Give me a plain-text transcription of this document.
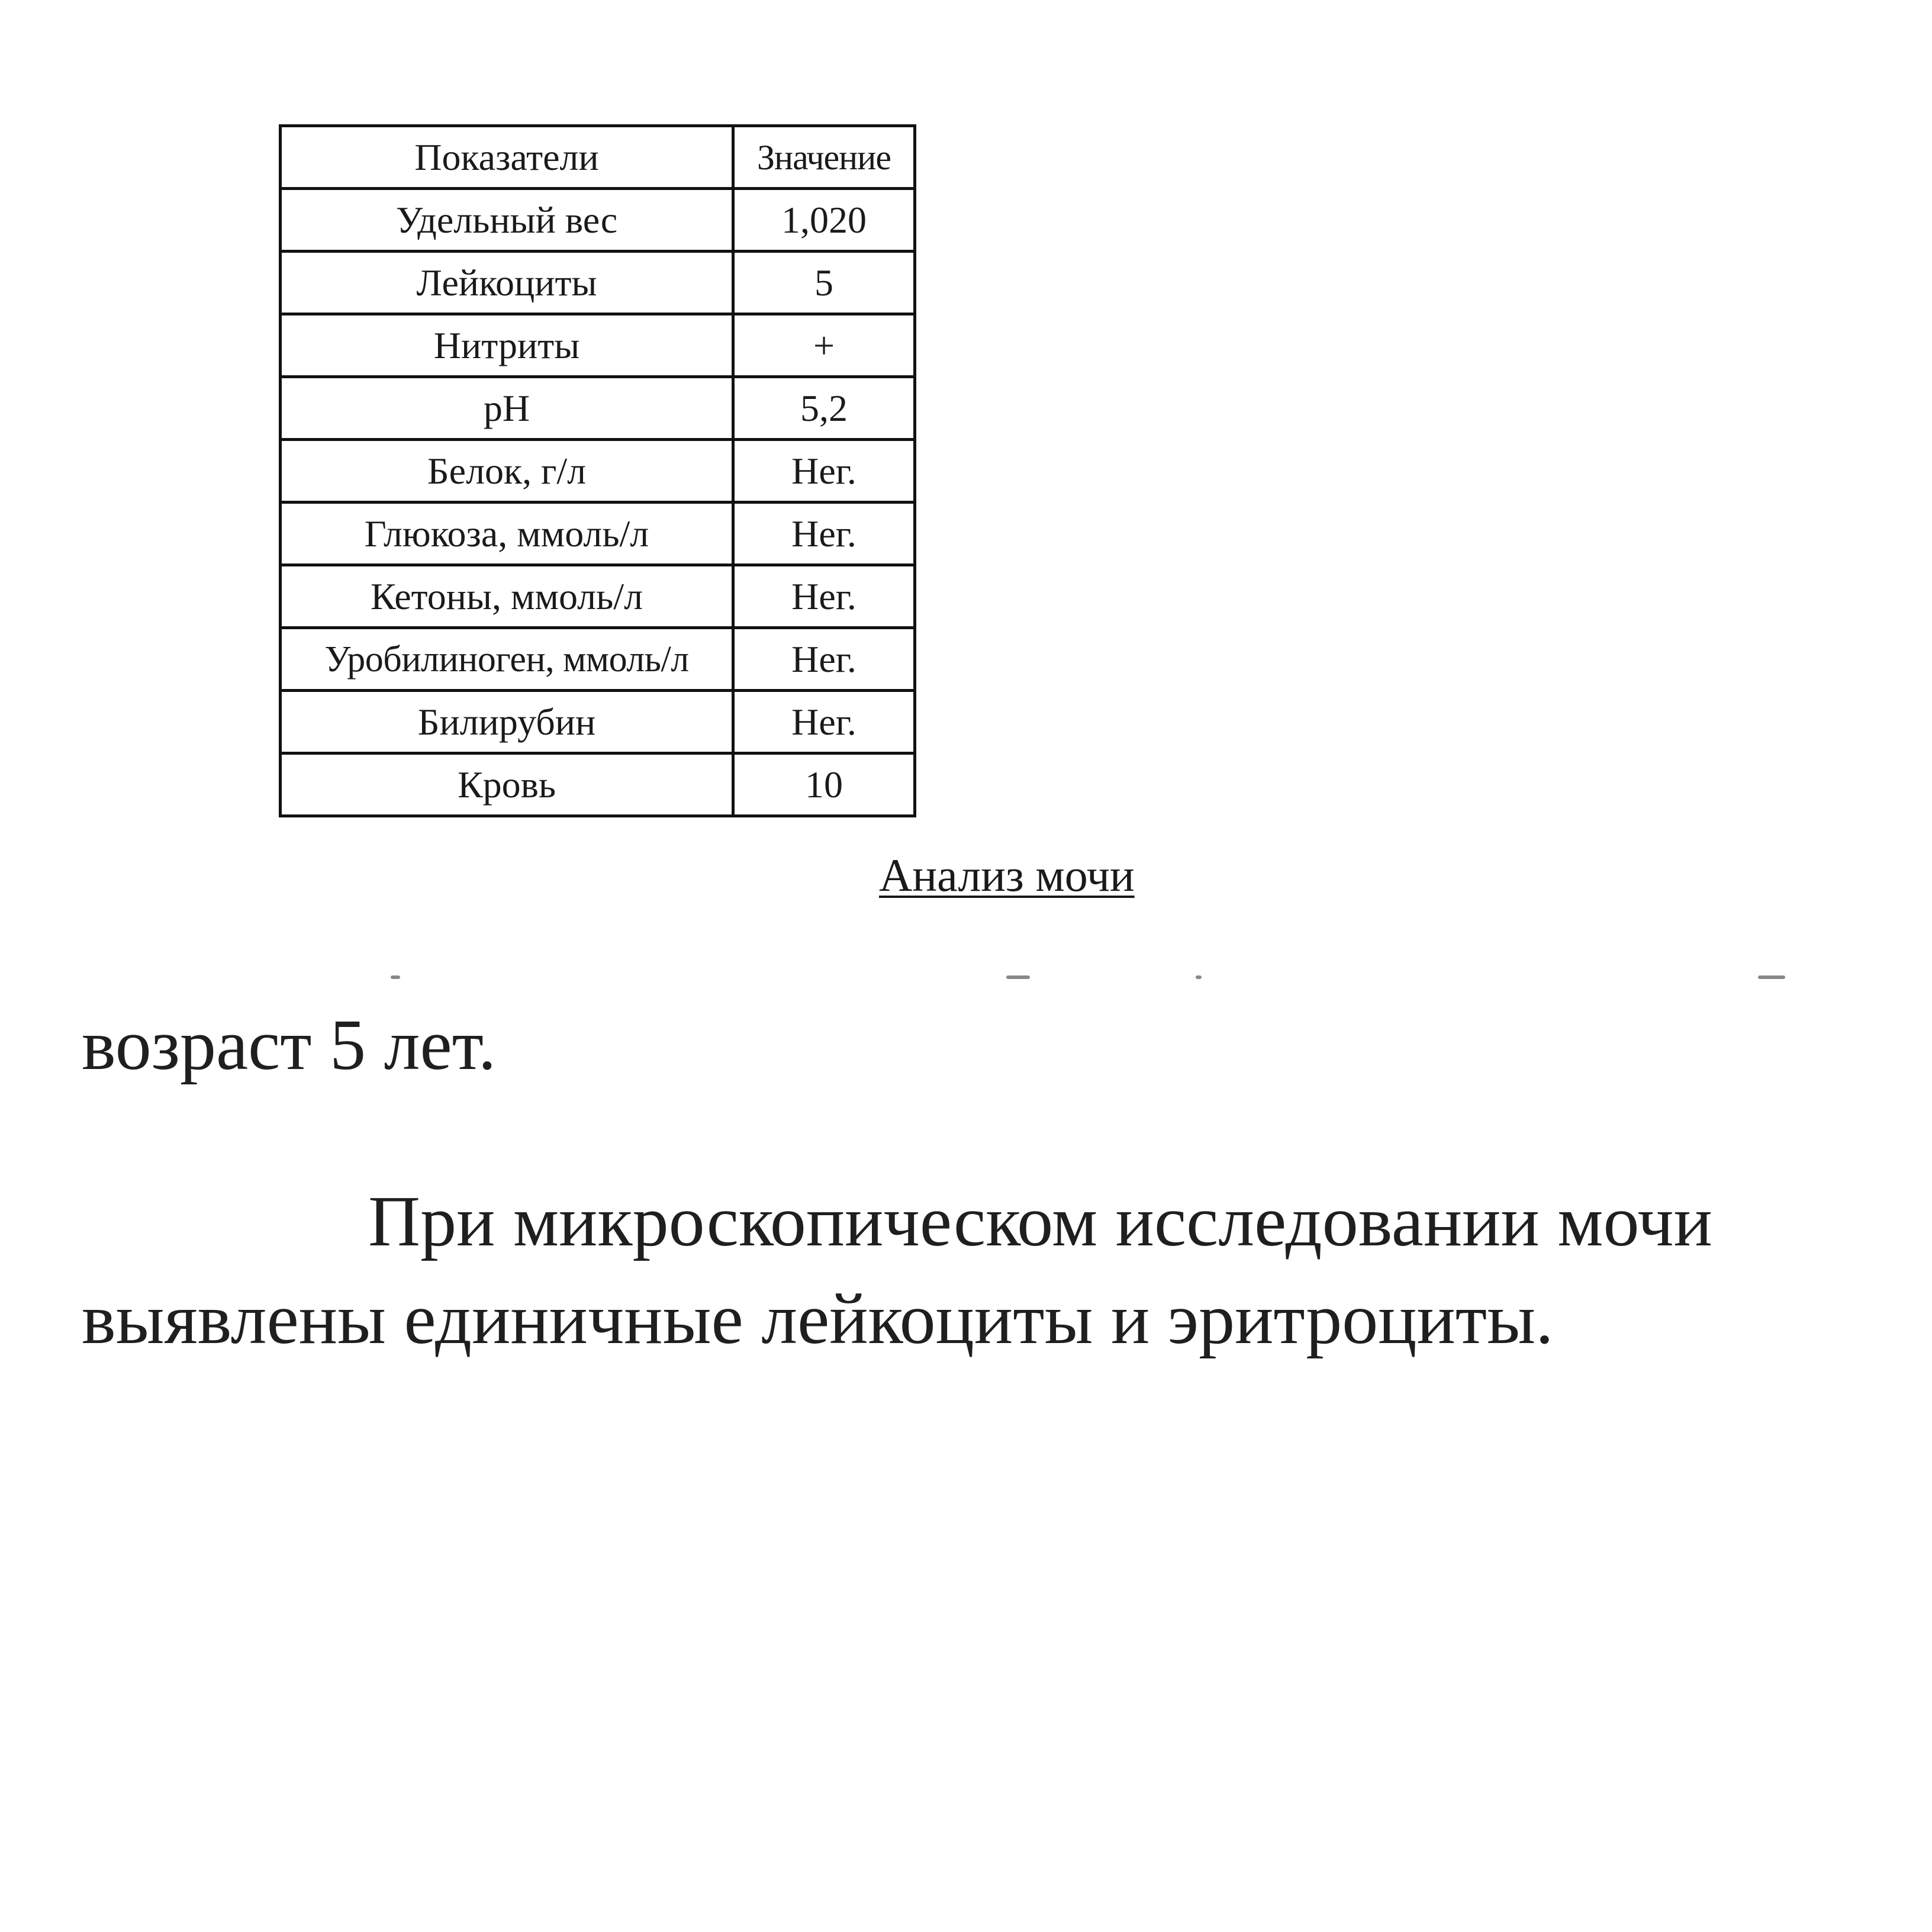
Показатели	Значение
Удельный вес	1,020
Лейкоциты	5
Нитриты	+
pH	5,2
Белок, г/л	Нег.
Глюкоза, ммоль/л	Нег.
Кетоны, ммоль/л	Нег.
Уробилиноген, ммоль/л	Нег.
Билирубин	Нег.
Кровь	10
Анализ мочи
возраст 5 лет.
При микроскопическом исследовании мочи
выявлены единичные лейкоциты и эритроциты.
